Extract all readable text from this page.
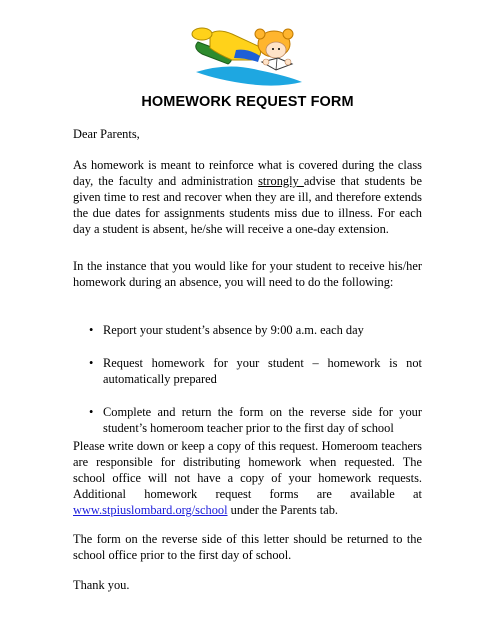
HOMEWORK REQUEST FORM
Dear Parents,
As homework is meant to reinforce what is covered during the class day, the faculty and administration strongly advise that students be given time to rest and recover when they are ill, and therefore extends the due dates for assignments students miss due to illness. For each day a student is absent, he/she will receive a one-day extension.
In the instance that you would like for your student to receive his/her homework during an absence, you will need to do the following:
• Report your student’s absence by 9:00 a.m. each day
• Request homework for your student – homework is not automatically prepared
• Complete and return the form on the reverse side for your student’s homeroom teacher prior to the first day of school
Please write down or keep a copy of this request. Homeroom teachers are responsible for distributing homework when requested. The school office will not have a copy of your homework requests. Additional homework request forms are available at www.stpiuslombard.org/school under the Parents tab.
The form on the reverse side of this letter should be returned to the school office prior to the first day of school.
Thank you.
